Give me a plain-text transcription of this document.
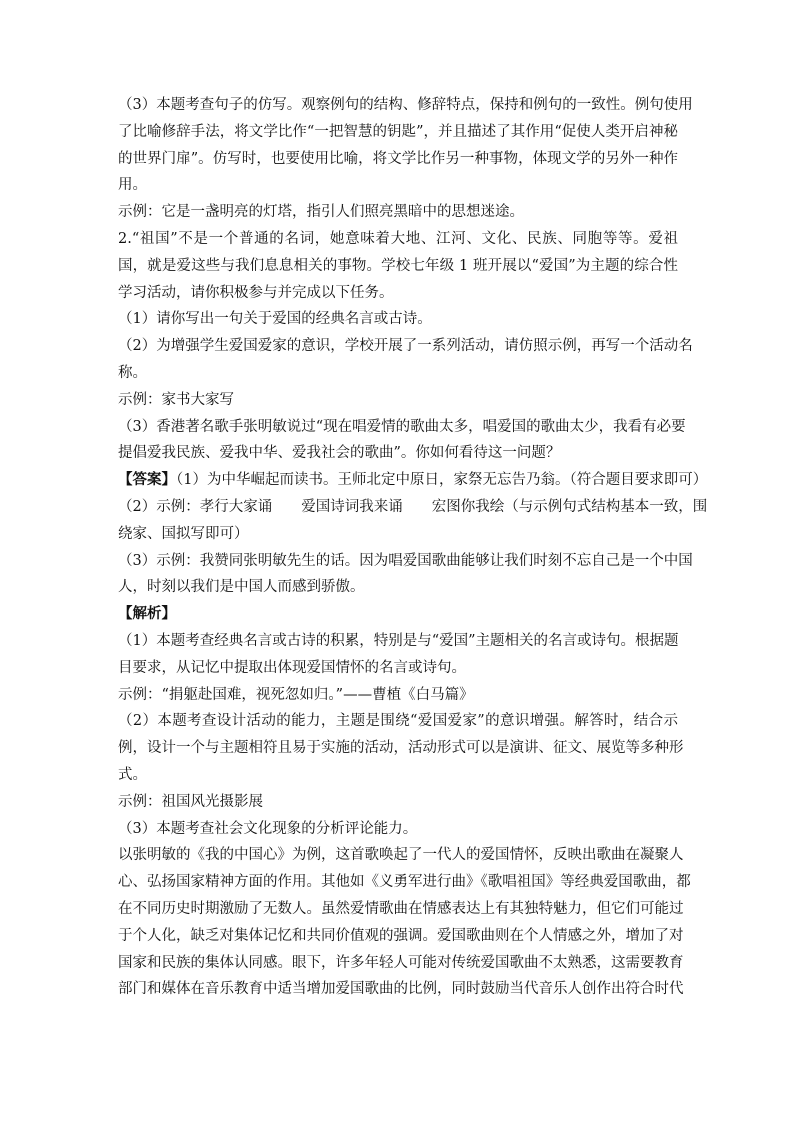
（3）本题考查句子的仿写。观察例句的结构、修辞特点，保持和例句的一致性。例句使用
了比喻修辞手法，将文学比作“一把智慧的钥匙”，并且描述了其作用“促使人类开启神秘
的世界门扉”。仿写时，也要使用比喻，将文学比作另一种事物，体现文学的另外一种作
用。
示例：它是一盏明亮的灯塔，指引人们照亮黑暗中的思想迷途。
2.“祖国”不是一个普通的名词，她意味着大地、江河、文化、民族、同胞等等。爱祖
国，就是爱这些与我们息息相关的事物。学校七年级 1 班开展以“爱国”为主题的综合性
学习活动，请你积极参与并完成以下任务。
（1）请你写出一句关于爱国的经典名言或古诗。
（2）为增强学生爱国爱家的意识，学校开展了一系列活动，请仿照示例，再写一个活动名
称。
示例：家书大家写
（3）香港著名歌手张明敏说过“现在唱爱情的歌曲太多，唱爱国的歌曲太少，我看有必要
提倡爱我民族、爱我中华、爱我社会的歌曲”。你如何看待这一问题？
【答案】（1）为中华崛起而读书。王师北定中原日，家祭无忘告乃翁。（符合题目要求即可）
（2）示例：孝行大家诵　　爱国诗词我来诵　　宏图你我绘（与示例句式结构基本一致，围
绕家、国拟写即可）
（3）示例：我赞同张明敏先生的话。因为唱爱国歌曲能够让我们时刻不忘自己是一个中国
人，时刻以我们是中国人而感到骄傲。
【解析】
（1）本题考查经典名言或古诗的积累，特别是与“爱国”主题相关的名言或诗句。根据题
目要求，从记忆中提取出体现爱国情怀的名言或诗句。
示例：“捐躯赴国难，视死忽如归。”——曹植《白马篇》
（2）本题考查设计活动的能力，主题是围绕“爱国爱家”的意识增强。解答时，结合示
例，设计一个与主题相符且易于实施的活动，活动形式可以是演讲、征文、展览等多种形
式。
示例：祖国风光摄影展
（3）本题考查社会文化现象的分析评论能力。
以张明敏的《我的中国心》为例，这首歌唤起了一代人的爱国情怀，反映出歌曲在凝聚人
心、弘扬国家精神方面的作用。其他如《义勇军进行曲》《歌唱祖国》等经典爱国歌曲，都
在不同历史时期激励了无数人。虽然爱情歌曲在情感表达上有其独特魅力，但它们可能过
于个人化，缺乏对集体记忆和共同价值观的强调。爱国歌曲则在个人情感之外，增加了对
国家和民族的集体认同感。眼下，许多年轻人可能对传统爱国歌曲不太熟悉，这需要教育
部门和媒体在音乐教育中适当增加爱国歌曲的比例，同时鼓励当代音乐人创作出符合时代
